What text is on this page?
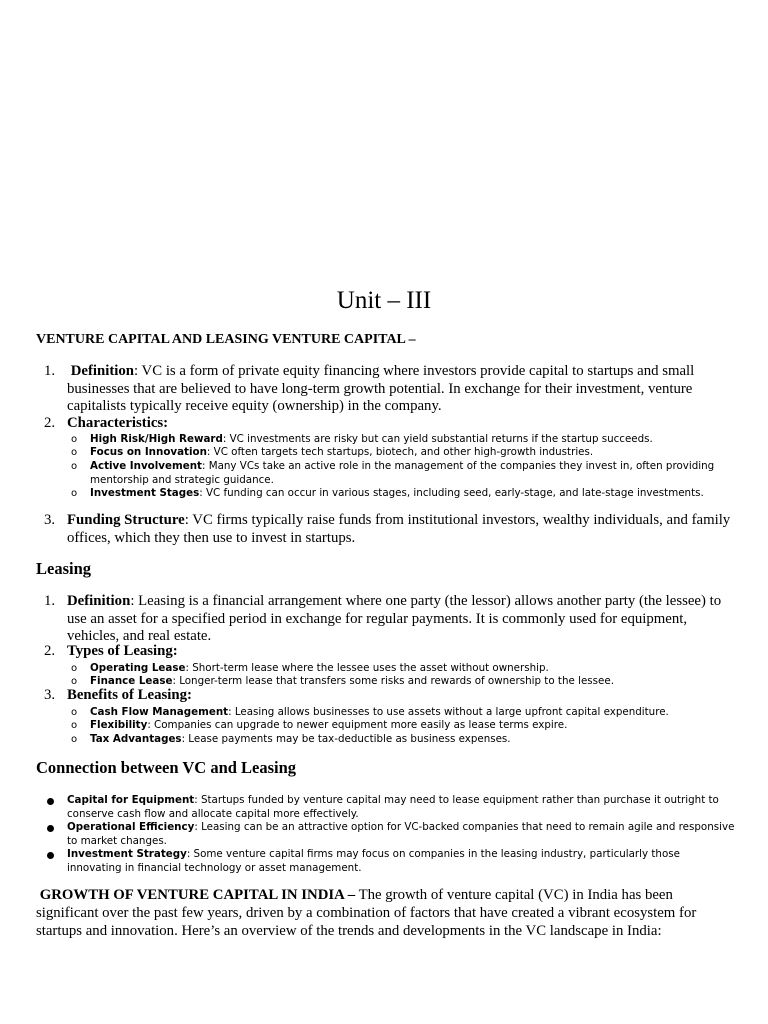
Unit – III
VENTURE CAPITAL AND LEASING VENTURE CAPITAL –
1. Definition: VC is a form of private equity financing where investors provide capital to startups and small businesses that are believed to have long-term growth potential. In exchange for their investment, venture capitalists typically receive equity (ownership) in the company.
2. Characteristics:
o High Risk/High Reward: VC investments are risky but can yield substantial returns if the startup succeeds.
o Focus on Innovation: VC often targets tech startups, biotech, and other high-growth industries.
o Active Involvement: Many VCs take an active role in the management of the companies they invest in, often providing mentorship and strategic guidance.
o Investment Stages: VC funding can occur in various stages, including seed, early-stage, and late-stage investments.
3. Funding Structure: VC firms typically raise funds from institutional investors, wealthy individuals, and family offices, which they then use to invest in startups.
Leasing
1. Definition: Leasing is a financial arrangement where one party (the lessor) allows another party (the lessee) to use an asset for a specified period in exchange for regular payments. It is commonly used for equipment, vehicles, and real estate.
2. Types of Leasing:
o Operating Lease: Short-term lease where the lessee uses the asset without ownership.
o Finance Lease: Longer-term lease that transfers some risks and rewards of ownership to the lessee.
3. Benefits of Leasing:
o Cash Flow Management: Leasing allows businesses to use assets without a large upfront capital expenditure.
o Flexibility: Companies can upgrade to newer equipment more easily as lease terms expire.
o Tax Advantages: Lease payments may be tax-deductible as business expenses.
Connection between VC and Leasing
Capital for Equipment: Startups funded by venture capital may need to lease equipment rather than purchase it outright to conserve cash flow and allocate capital more effectively.
Operational Efficiency: Leasing can be an attractive option for VC-backed companies that need to remain agile and responsive to market changes.
Investment Strategy: Some venture capital firms may focus on companies in the leasing industry, particularly those innovating in financial technology or asset management.
GROWTH OF VENTURE CAPITAL IN INDIA – The growth of venture capital (VC) in India has been significant over the past few years, driven by a combination of factors that have created a vibrant ecosystem for startups and innovation. Here’s an overview of the trends and developments in the VC landscape in India:
